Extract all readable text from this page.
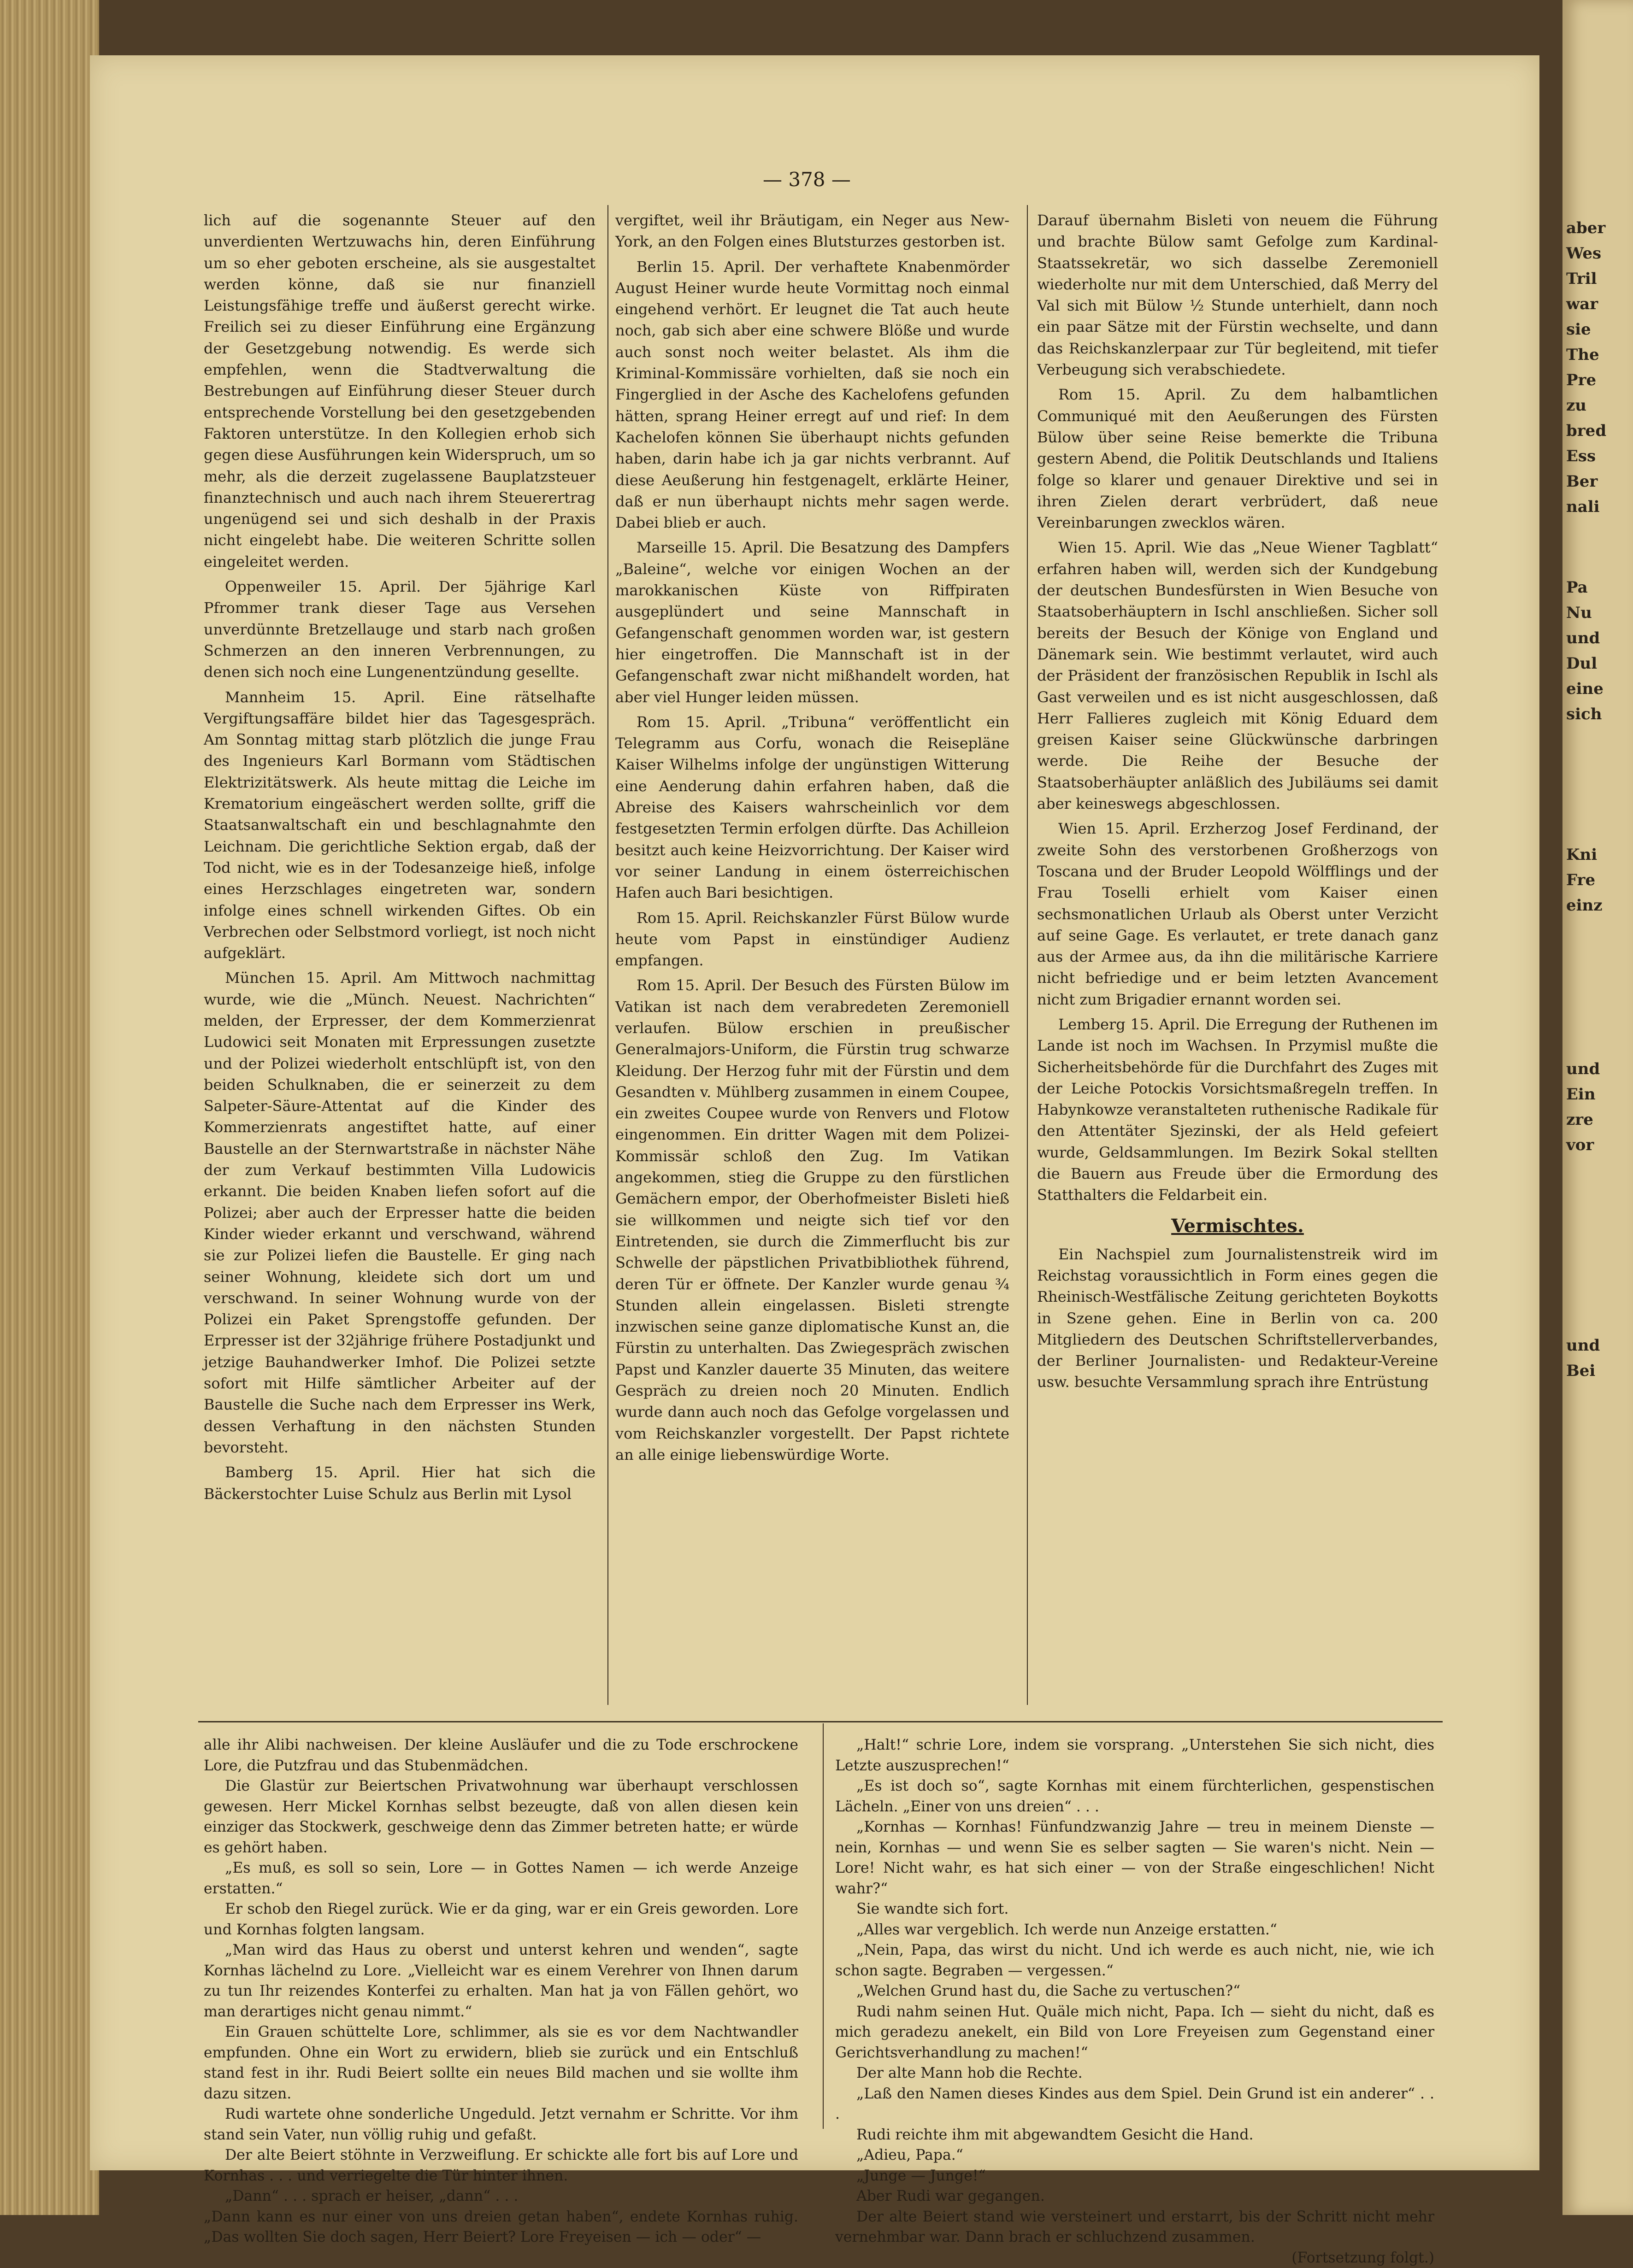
aber
Wes
Tril
war
sie
The
Pre
zu
bred
Ess
Ber
nali
Pa
Nu
und
Dul
eine
sich
Kni
Fre
einz
und
Ein
zre
vor
und
Bei
— 378 —

lich auf die sogenannte Steuer auf den unverdienten Wertzuwachs hin, deren Einführung um so eher geboten erscheine, als sie ausgestaltet werden könne, daß sie nur finanziell Leistungsfähige treffe und äußerst gerecht wirke. Freilich sei zu dieser Einführung eine Ergänzung der Gesetzgebung notwendig. Es werde sich empfehlen, wenn die Stadtverwaltung die Bestrebungen auf Einführung dieser Steuer durch entsprechende Vorstellung bei den gesetzgebenden Faktoren unterstütze. In den Kollegien erhob sich gegen diese Ausführungen kein Widerspruch, um so mehr, als die derzeit zugelassene Bauplatzsteuer finanztechnisch und auch nach ihrem Steuerertrag ungenügend sei und sich deshalb in der Praxis nicht eingelebt habe. Die weiteren Schritte sollen eingeleitet werden.

Oppenweiler 15. April. Der 5jährige Karl Pfrommer trank dieser Tage aus Versehen unverdünnte Bretzellauge und starb nach großen Schmerzen an den inneren Verbrennungen, zu denen sich noch eine Lungenentzündung gesellte.

Mannheim 15. April. Eine rätselhafte Vergiftungsaffäre bildet hier das Tagesgespräch. Am Sonntag mittag starb plötzlich die junge Frau des Ingenieurs Karl Bormann vom Städtischen Elektrizitätswerk. Als heute mittag die Leiche im Krematorium eingeäschert werden sollte, griff die Staatsanwaltschaft ein und beschlagnahmte den Leichnam. Die gerichtliche Sektion ergab, daß der Tod nicht, wie es in der Todesanzeige hieß, infolge eines Herzschlages eingetreten war, sondern infolge eines schnell wirkenden Giftes. Ob ein Verbrechen oder Selbstmord vorliegt, ist noch nicht aufgeklärt.

München 15. April. Am Mittwoch nachmittag wurde, wie die „Münch. Neuest. Nachrichten“ melden, der Erpresser, der dem Kommerzienrat Ludowici seit Monaten mit Erpressungen zusetzte und der Polizei wiederholt entschlüpft ist, von den beiden Schulknaben, die er seinerzeit zu dem Salpeter-Säure-Attentat auf die Kinder des Kommerzienrats angestiftet hatte, auf einer Baustelle an der Sternwartstraße in nächster Nähe der zum Verkauf bestimmten Villa Ludowicis erkannt. Die beiden Knaben liefen sofort auf die Polizei; aber auch der Erpresser hatte die beiden Kinder wieder erkannt und verschwand, während sie zur Polizei liefen die Baustelle. Er ging nach seiner Wohnung, kleidete sich dort um und verschwand. In seiner Wohnung wurde von der Polizei ein Paket Sprengstoffe gefunden. Der Erpresser ist der 32jährige frühere Postadjunkt und jetzige Bauhandwerker Imhof. Die Polizei setzte sofort mit Hilfe sämtlicher Arbeiter auf der Baustelle die Suche nach dem Erpresser ins Werk, dessen Verhaftung in den nächsten Stunden bevorsteht.

Bamberg 15. April. Hier hat sich die Bäckerstochter Luise Schulz aus Berlin mit Lysol

vergiftet, weil ihr Bräutigam, ein Neger aus New-York, an den Folgen eines Blutsturzes gestorben ist.

Berlin 15. April. Der verhaftete Knabenmörder August Heiner wurde heute Vormittag noch einmal eingehend verhört. Er leugnet die Tat auch heute noch, gab sich aber eine schwere Blöße und wurde auch sonst noch weiter belastet. Als ihm die Kriminal-Kommissäre vorhielten, daß sie noch ein Fingerglied in der Asche des Kachelofens gefunden hätten, sprang Heiner erregt auf und rief: In dem Kachelofen können Sie überhaupt nichts gefunden haben, darin habe ich ja gar nichts verbrannt. Auf diese Aeußerung hin festgenagelt, erklärte Heiner, daß er nun überhaupt nichts mehr sagen werde. Dabei blieb er auch.

Marseille 15. April. Die Besatzung des Dampfers „Baleine“, welche vor einigen Wochen an der marokkanischen Küste von Riffpiraten ausgeplündert und seine Mannschaft in Gefangenschaft genommen worden war, ist gestern hier eingetroffen. Die Mannschaft ist in der Gefangenschaft zwar nicht mißhandelt worden, hat aber viel Hunger leiden müssen.

Rom 15. April. „Tribuna“ veröffentlicht ein Telegramm aus Corfu, wonach die Reisepläne Kaiser Wilhelms infolge der ungünstigen Witterung eine Aenderung dahin erfahren haben, daß die Abreise des Kaisers wahrscheinlich vor dem festgesetzten Termin erfolgen dürfte. Das Achilleion besitzt auch keine Heizvorrichtung. Der Kaiser wird vor seiner Landung in einem österreichischen Hafen auch Bari besichtigen.

Rom 15. April. Reichskanzler Fürst Bülow wurde heute vom Papst in einstündiger Audienz empfangen.

Rom 15. April. Der Besuch des Fürsten Bülow im Vatikan ist nach dem verabredeten Zeremoniell verlaufen. Bülow erschien in preußischer Generalmajors-Uniform, die Fürstin trug schwarze Kleidung. Der Herzog fuhr mit der Fürstin und dem Gesandten v. Mühlberg zusammen in einem Coupee, ein zweites Coupee wurde von Renvers und Flotow eingenommen. Ein dritter Wagen mit dem Polizei-Kommissär schloß den Zug. Im Vatikan angekommen, stieg die Gruppe zu den fürstlichen Gemächern empor, der Oberhofmeister Bisleti hieß sie willkommen und neigte sich tief vor den Eintretenden, sie durch die Zimmerflucht bis zur Schwelle der päpstlichen Privatbibliothek führend, deren Tür er öffnete. Der Kanzler wurde genau ¾ Stunden allein eingelassen. Bisleti strengte inzwischen seine ganze diplomatische Kunst an, die Fürstin zu unterhalten. Das Zwiegespräch zwischen Papst und Kanzler dauerte 35 Minuten, das weitere Gespräch zu dreien noch 20 Minuten. Endlich wurde dann auch noch das Gefolge vorgelassen und vom Reichskanzler vorgestellt. Der Papst richtete an alle einige liebenswürdige Worte.

Darauf übernahm Bisleti von neuem die Führung und brachte Bülow samt Gefolge zum Kardinal-Staatssekretär, wo sich dasselbe Zeremoniell wiederholte nur mit dem Unterschied, daß Merry del Val sich mit Bülow ½ Stunde unterhielt, dann noch ein paar Sätze mit der Fürstin wechselte, und dann das Reichskanzlerpaar zur Tür begleitend, mit tiefer Verbeugung sich verabschiedete.

Rom 15. April. Zu dem halbamtlichen Communiqué mit den Aeußerungen des Fürsten Bülow über seine Reise bemerkte die Tribuna gestern Abend, die Politik Deutschlands und Italiens folge so klarer und genauer Direktive und sei in ihren Zielen derart verbrüdert, daß neue Vereinbarungen zwecklos wären.

Wien 15. April. Wie das „Neue Wiener Tagblatt“ erfahren haben will, werden sich der Kundgebung der deutschen Bundesfürsten in Wien Besuche von Staatsoberhäuptern in Ischl anschließen. Sicher soll bereits der Besuch der Könige von England und Dänemark sein. Wie bestimmt verlautet, wird auch der Präsident der französischen Republik in Ischl als Gast verweilen und es ist nicht ausgeschlossen, daß Herr Fallieres zugleich mit König Eduard dem greisen Kaiser seine Glückwünsche darbringen werde. Die Reihe der Besuche der Staatsoberhäupter anläßlich des Jubiläums sei damit aber keineswegs abgeschlossen.

Wien 15. April. Erzherzog Josef Ferdinand, der zweite Sohn des verstorbenen Großherzogs von Toscana und der Bruder Leopold Wölfflings und der Frau Toselli erhielt vom Kaiser einen sechsmonatlichen Urlaub als Oberst unter Verzicht auf seine Gage. Es verlautet, er trete danach ganz aus der Armee aus, da ihn die militärische Karriere nicht befriedige und er beim letzten Avancement nicht zum Brigadier ernannt worden sei.

Lemberg 15. April. Die Erregung der Ruthenen im Lande ist noch im Wachsen. In Przymisl mußte die Sicherheitsbehörde für die Durchfahrt des Zuges mit der Leiche Potockis Vorsichtsmaßregeln treffen. In Habynkowze veranstalteten ruthenische Radikale für den Attentäter Sjezinski, der als Held gefeiert wurde, Geldsammlungen. Im Bezirk Sokal stellten die Bauern aus Freude über die Ermordung des Statthalters die Feldarbeit ein.

Vermischtes.

Ein Nachspiel zum Journalistenstreik wird im Reichstag voraussichtlich in Form eines gegen die Rheinisch-Westfälische Zeitung gerichteten Boykotts in Szene gehen. Eine in Berlin von ca. 200 Mitgliedern des Deutschen Schriftstellerverbandes, der Berliner Journalisten- und Redakteur-Vereine usw. besuchte Versammlung sprach ihre Entrüstung

alle ihr Alibi nachweisen. Der kleine Ausläufer und die zu Tode erschrockene Lore, die Putzfrau und das Stubenmädchen.

Die Glastür zur Beiertschen Privatwohnung war überhaupt verschlossen gewesen. Herr Mickel Kornhas selbst bezeugte, daß von allen diesen kein einziger das Stockwerk, geschweige denn das Zimmer betreten hatte; er würde es gehört haben.

„Es muß, es soll so sein, Lore — in Gottes Namen — ich werde Anzeige erstatten.“

Er schob den Riegel zurück. Wie er da ging, war er ein Greis geworden. Lore und Kornhas folgten langsam.

„Man wird das Haus zu oberst und unterst kehren und wenden“, sagte Kornhas lächelnd zu Lore. „Vielleicht war es einem Verehrer von Ihnen darum zu tun Ihr reizendes Konterfei zu erhalten. Man hat ja von Fällen gehört, wo man derartiges nicht genau nimmt.“

Ein Grauen schüttelte Lore, schlimmer, als sie es vor dem Nachtwandler empfunden. Ohne ein Wort zu erwidern, blieb sie zurück und ein Entschluß stand fest in ihr. Rudi Beiert sollte ein neues Bild machen und sie wollte ihm dazu sitzen.

Rudi wartete ohne sonderliche Ungeduld. Jetzt vernahm er Schritte. Vor ihm stand sein Vater, nun völlig ruhig und gefaßt.

Der alte Beiert stöhnte in Verzweiflung. Er schickte alle fort bis auf Lore und Kornhas . . . und verriegelte die Tür hinter ihnen.

„Dann“ . . . sprach er heiser, „dann“ . . .

„Dann kann es nur einer von uns dreien getan haben“, endete Kornhas ruhig. „Das wollten Sie doch sagen, Herr Beiert? Lore Freyeisen — ich — oder“ —

„Halt!“ schrie Lore, indem sie vorsprang. „Unterstehen Sie sich nicht, dies Letzte auszusprechen!“

„Es ist doch so“, sagte Kornhas mit einem fürchterlichen, gespenstischen Lächeln. „Einer von uns dreien“ . . .

„Kornhas — Kornhas! Fünfundzwanzig Jahre — treu in meinem Dienste — nein, Kornhas — und wenn Sie es selber sagten — Sie waren's nicht. Nein — Lore! Nicht wahr, es hat sich einer — von der Straße eingeschlichen! Nicht wahr?“

Sie wandte sich fort.

„Alles war vergeblich. Ich werde nun Anzeige erstatten.“

„Nein, Papa, das wirst du nicht. Und ich werde es auch nicht, nie, wie ich schon sagte. Begraben — vergessen.“

„Welchen Grund hast du, die Sache zu vertuschen?“

Rudi nahm seinen Hut. Quäle mich nicht, Papa. Ich — sieht du nicht, daß es mich geradezu anekelt, ein Bild von Lore Freyeisen zum Gegenstand einer Gerichtsverhandlung zu machen!“

Der alte Mann hob die Rechte.

„Laß den Namen dieses Kindes aus dem Spiel. Dein Grund ist ein anderer“ . . .

Rudi reichte ihm mit abgewandtem Gesicht die Hand.

„Adieu, Papa.“

„Junge — Junge!“

Aber Rudi war gegangen.

Der alte Beiert stand wie versteinert und erstarrt, bis der Schritt nicht mehr vernehmbar war. Dann brach er schluchzend zusammen.

(Fortsetzung folgt.)
